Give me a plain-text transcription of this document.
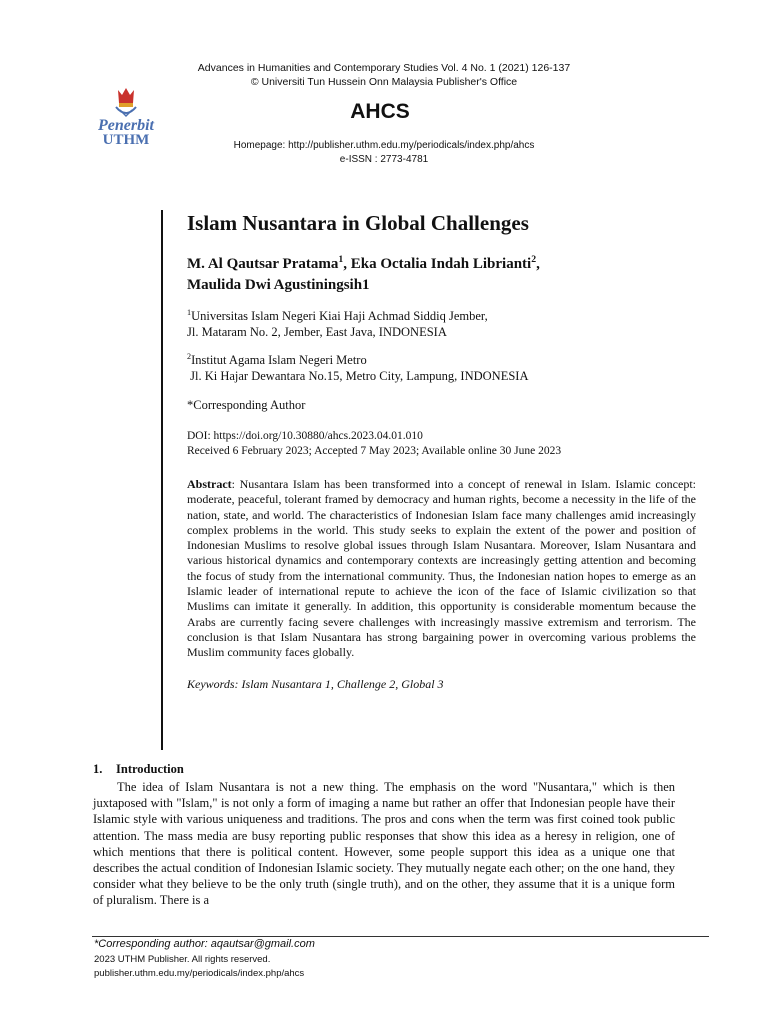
Advances in Humanities and Contemporary Studies Vol. 4 No. 1 (2021) 126-137
© Universiti Tun Hussein Onn Malaysia Publisher's Office
Penerbit
UTHM
AHCS
Homepage: http://publisher.uthm.edu.my/periodicals/index.php/ahcs
e-ISSN : 2773-4781
Islam Nusantara in Global Challenges
M. Al Qautsar Pratama$^1$, Eka Octalia Indah Librianti$^2$,
Maulida Dwi Agustiningsih1
$^1$Universitas Islam Negeri Kiai Haji Achmad Siddiq Jember,
Jl. Mataram No. 2, Jember, East Java, INDONESIA
$^2$Institut Agama Islam Negeri Metro
Jl. Ki Hajar Dewantara No.15, Metro City, Lampung, INDONESIA
*Corresponding Author
DOI: https://doi.org/10.30880/ahcs.2023.04.01.010
Received 6 February 2023; Accepted 7 May 2023; Available online 30 June 2023
Abstract: Nusantara Islam has been transformed into a concept of renewal in Islam. Islamic concept: moderate, peaceful, tolerant framed by democracy and human rights, become a necessity in the life of the nation, state, and world. The characteristics of Indonesian Islam face many challenges amid increasingly complex problems in the world. This study seeks to explain the extent of the power and position of Indonesian Muslims to resolve global issues through Islam Nusantara. Moreover, Islam Nusantara and various historical dynamics and contemporary contexts are increasingly getting attention and becoming the focus of study from the international community. Thus, the Indonesian nation hopes to emerge as an Islamic leader of international repute to achieve the icon of the face of Islamic civilization so that Muslims can imitate it generally. In addition, this opportunity is considerable momentum because the Arabs are currently facing severe challenges with increasingly massive extremism and terrorism. The conclusion is that Islam Nusantara has strong bargaining power in overcoming various problems the Muslim community faces globally.
Keywords: Islam Nusantara 1, Challenge 2, Global 3
1. Introduction

The idea of Islam Nusantara is not a new thing. The emphasis on the word "Nusantara," which is then juxtaposed with "Islam," is not only a form of imaging a name but rather an offer that Indonesian people have their Islamic style with various uniqueness and traditions. The pros and cons when the term was first coined took public attention. The mass media are busy reporting public responses that show this idea as a heresy in religion, one of which mentions that there is political content. However, some people support this idea as a unique one that describes the actual condition of Indonesian Islamic society. They mutually negate each other; on the one hand, they consider what they believe to be the only truth (single truth), and on the other, they assume that it is a unique form of pluralism. There is a

*Corresponding author: aqautsar@gmail.com
2023 UTHM Publisher. All rights reserved.
publisher.uthm.edu.my/periodicals/index.php/ahcs
